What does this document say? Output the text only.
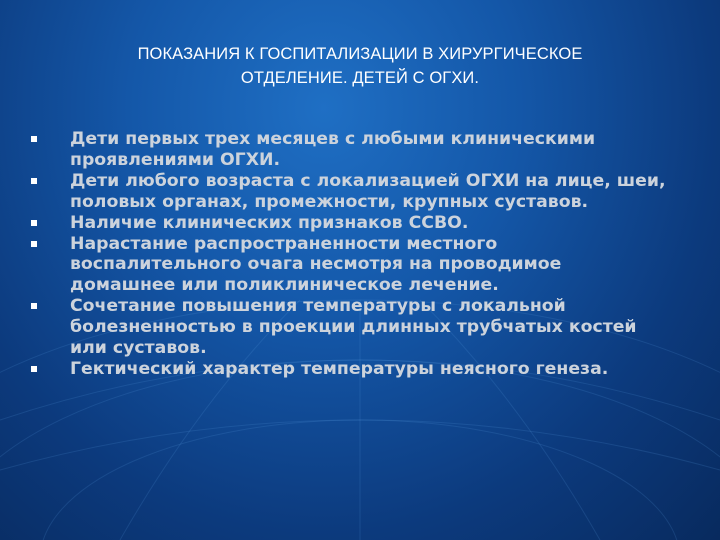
ПОКАЗАНИЯ К ГОСПИТАЛИЗАЦИИ В ХИРУРГИЧЕСКОЕ
ОТДЕЛЕНИЕ. ДЕТЕЙ С ОГХИ.
Дети первых трех месяцев с любыми клиническими проявлениями ОГХИ.
Дети любого возраста с локализацией ОГХИ на лице, шеи, половых органах, промежности, крупных суставов.
Наличие клинических признаков ССВО.
Нарастание распространенности местного воспалительного очага несмотря на проводимое домашнее или поликлиническое лечение.
Сочетание повышения температуры с локальной болезненностью в проекции длинных трубчатых костей или суставов.
Гектический характер температуры неясного генеза.
